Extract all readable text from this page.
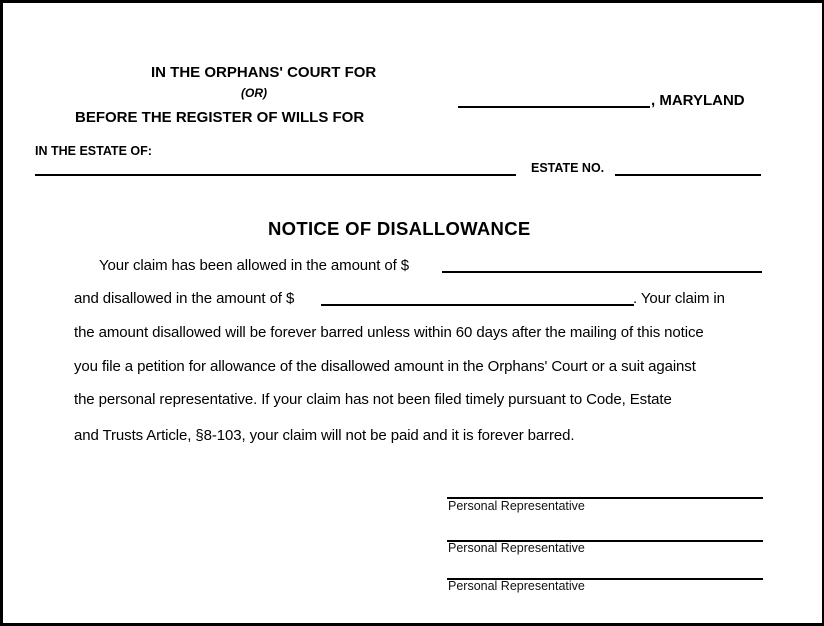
IN THE ORPHANS' COURT FOR
(OR)
BEFORE THE REGISTER OF WILLS FOR
, MARYLAND
IN THE ESTATE OF:
ESTATE NO.
NOTICE OF DISALLOWANCE
Your claim has been allowed in the amount of $
and disallowed in the amount of $	. Your claim in
the amount disallowed will be forever barred unless within 60 days after the mailing of this notice
you file a petition for allowance of the disallowed amount in the Orphans' Court or a suit against
the personal representative. If your claim has not been filed timely pursuant to Code, Estate
and Trusts Article, §8-103, your claim will not be paid and it is forever barred.
Personal Representative
Personal Representative
Personal Representative
